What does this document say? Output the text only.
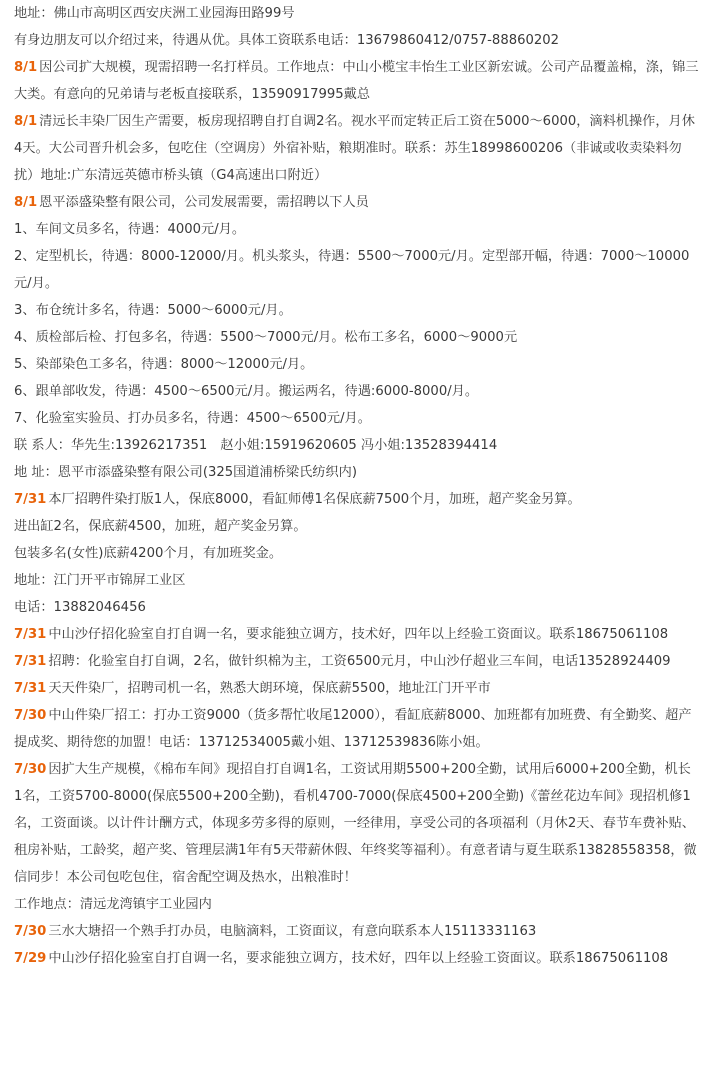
地址：佛山市高明区西安庆洲工业园海田路99号

有身边朋友可以介绍过来，待遇从优。具体工资联系电话：13679860412/0757-88860202

8/1 因公司扩大规模，现需招聘一名打样员。工作地点：中山小榄宝丰怡生工业区新宏诚。公司产品覆盖棉，涤，锦三大类。有意向的兄弟请与老板直接联系，13590917995戴总

8/1 清远长丰染厂因生产需要，板房现招聘自打自调2名。视水平而定转正后工资在5000～6000，滴料机操作，月休4天。大公司晋升机会多，包吃住（空调房）外宿补贴，粮期准时。联系：苏生18998600206（非诚或收卖染料勿扰）地址:广东清远英德市桥头镇（G4高速出口附近）

8/1 恩平添盛染整有限公司，公司发展需要，需招聘以下人员

1、车间文员多名，待遇：4000元/月。

2、定型机长，待遇：8000-12000/月。机头浆头，待遇：5500～7000元/月。定型部开幅，待遇：7000～10000元/月。

3、布仓统计多名，待遇：5000～6000元/月。

4、质检部后检、打包多名，待遇：5500～7000元/月。松布工多名，6000～9000元

5、染部染色工多名，待遇：8000～12000元/月。

6、跟单部收发，待遇：4500～6500元/月。搬运两名，待遇:6000-8000/月。

7、化验室实验员、打办员多名，待遇：4500～6500元/月。

联 系人：华先生:13926217351　赵小姐:15919620605 冯小姐:13528394414

地 址：恩平市添盛染整有限公司(325国道浦桥梁氏纺织内)

7/31 本厂招聘件染打版1人，保底8000，看缸师傅1名保底薪7500个月，加班，超产奖金另算。

进出缸2名，保底薪4500，加班，超产奖金另算。

包装多名(女性)底薪4200个月，有加班奖金。

地址：江门开平市锦屏工业区

电话：13882046456

7/31 中山沙仔招化验室自打自调一名，要求能独立调方，技术好，四年以上经验工资面议。联系18675061108

7/31 招聘：化验室自打自调，2名，做针织棉为主，工资6500元月，中山沙仔超业三车间，电话13528924409

7/31 天天件染厂，招聘司机一名，熟悉大朗环境，保底薪5500，地址江门开平市

7/30 中山件染厂招工：打办工资9000（货多帮忙收尾12000），看缸底薪8000、加班都有加班费、有全勤奖、超产提成奖、期待您的加盟！电话：13712534005戴小姐、13712539836陈小姐。

7/30 因扩大生产规模，《棉布车间》现招自打自调1名，工资试用期5500+200全勤，试用后6000+200全勤，机长1名，工资5700-8000(保底5500+200全勤)，看机4700-7000(保底4500+200全勤)《蕾丝花边车间》现招机修1名，工资面谈。以计件计酬方式，体现多劳多得的原则，一经律用，享受公司的各项福利（月休2天、春节车费补贴、租房补贴，工龄奖，超产奖、管理层满1年有5天带薪休假、年终奖等福利）。有意者请与夏生联系13828558358，微信同步！本公司包吃包住，宿舍配空调及热水，出粮准时！

工作地点：清远龙湾镇宇工业园内

7/30 三水大塘招一个熟手打办员，电脑滴料，工资面议，有意向联系本人15113331163

7/29 中山沙仔招化验室自打自调一名，要求能独立调方，技术好，四年以上经验工资面议。联系18675061108
